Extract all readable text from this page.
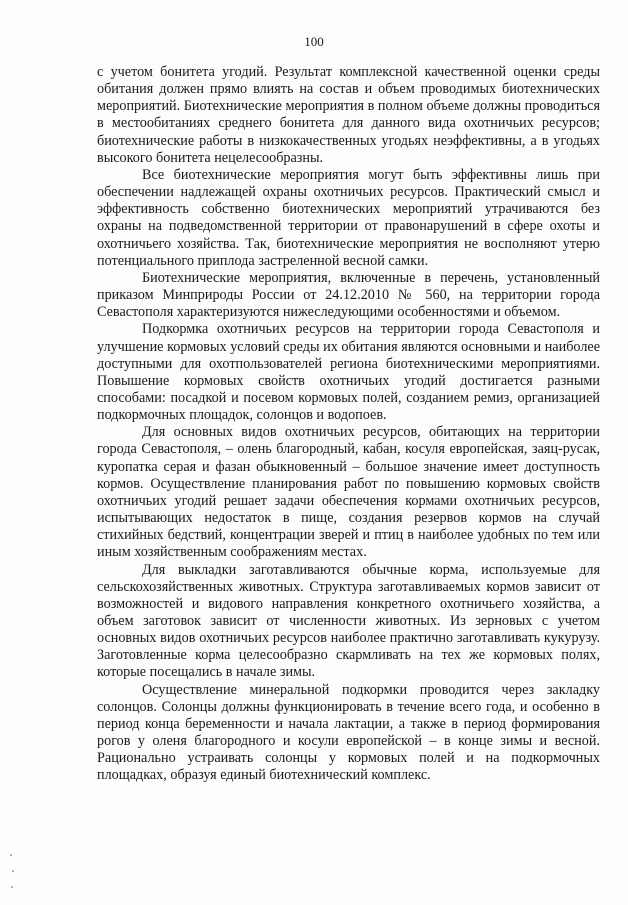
100

с учетом бонитета угодий. Результат комплексной качественной оценки среды обитания должен прямо влиять на состав и объем проводимых биотехнических мероприятий. Биотехнические мероприятия в полном объеме должны проводиться в местообитаниях среднего бонитета для данного вида охотничьих ресурсов; биотехнические работы в низкокачественных угодьях неэффективны, а в угодьях высокого бонитета нецелесообразны.

Все биотехнические мероприятия могут быть эффективны лишь при обеспечении надлежащей охраны охотничьих ресурсов. Практический смысл и эффективность собственно биотехнических мероприятий утрачиваются без охраны на подведомственной территории от правонарушений в сфере охоты и охотничьего хозяйства. Так, биотехнические мероприятия не восполняют утерю потенциального приплода застреленной весной самки.

Биотехнические мероприятия, включенные в перечень, установленный приказом Минприроды России от 24.12.2010 № 560, на территории города Севастополя характеризуются нижеследующими особенностями и объемом.

Подкормка охотничьих ресурсов на территории города Севастополя и улучшение кормовых условий среды их обитания являются основными и наиболее доступными для охотпользователей региона биотехническими мероприятиями. Повышение кормовых свойств охотничьих угодий достигается разными способами: посадкой и посевом кормовых полей, созданием ремиз, организацией подкормочных площадок, солонцов и водопоев.

Для основных видов охотничьих ресурсов, обитающих на территории города Севастополя, – олень благородный, кабан, косуля европейская, заяц-русак, куропатка серая и фазан обыкновенный – большое значение имеет доступность кормов. Осуществление планирования работ по повышению кормовых свойств охотничьих угодий решает задачи обеспечения кормами охотничьих ресурсов, испытывающих недостаток в пище, создания резервов кормов на случай стихийных бедствий, концентрации зверей и птиц в наиболее удобных по тем или иным хозяйственным соображениям местах.

Для выкладки заготавливаются обычные корма, используемые для сельскохозяйственных животных. Структура заготавливаемых кормов зависит от возможностей и видового направления конкретного охотничьего хозяйства, а объем заготовок зависит от численности животных. Из зерновых с учетом основных видов охотничьих ресурсов наиболее практично заготавливать кукурузу. Заготовленные корма целесообразно скармливать на тех же кормовых полях, которые посещались в начале зимы.

Осуществление минеральной подкормки проводится через закладку солонцов. Солонцы должны функционировать в течение всего года, и особенно в период конца беременности и начала лактации, а также в период формирования рогов у оленя благородного и косули европейской – в конце зимы и весной. Рационально устраивать солонцы у кормовых полей и на подкормочных площадках, образуя единый биотехнический комплекс.
